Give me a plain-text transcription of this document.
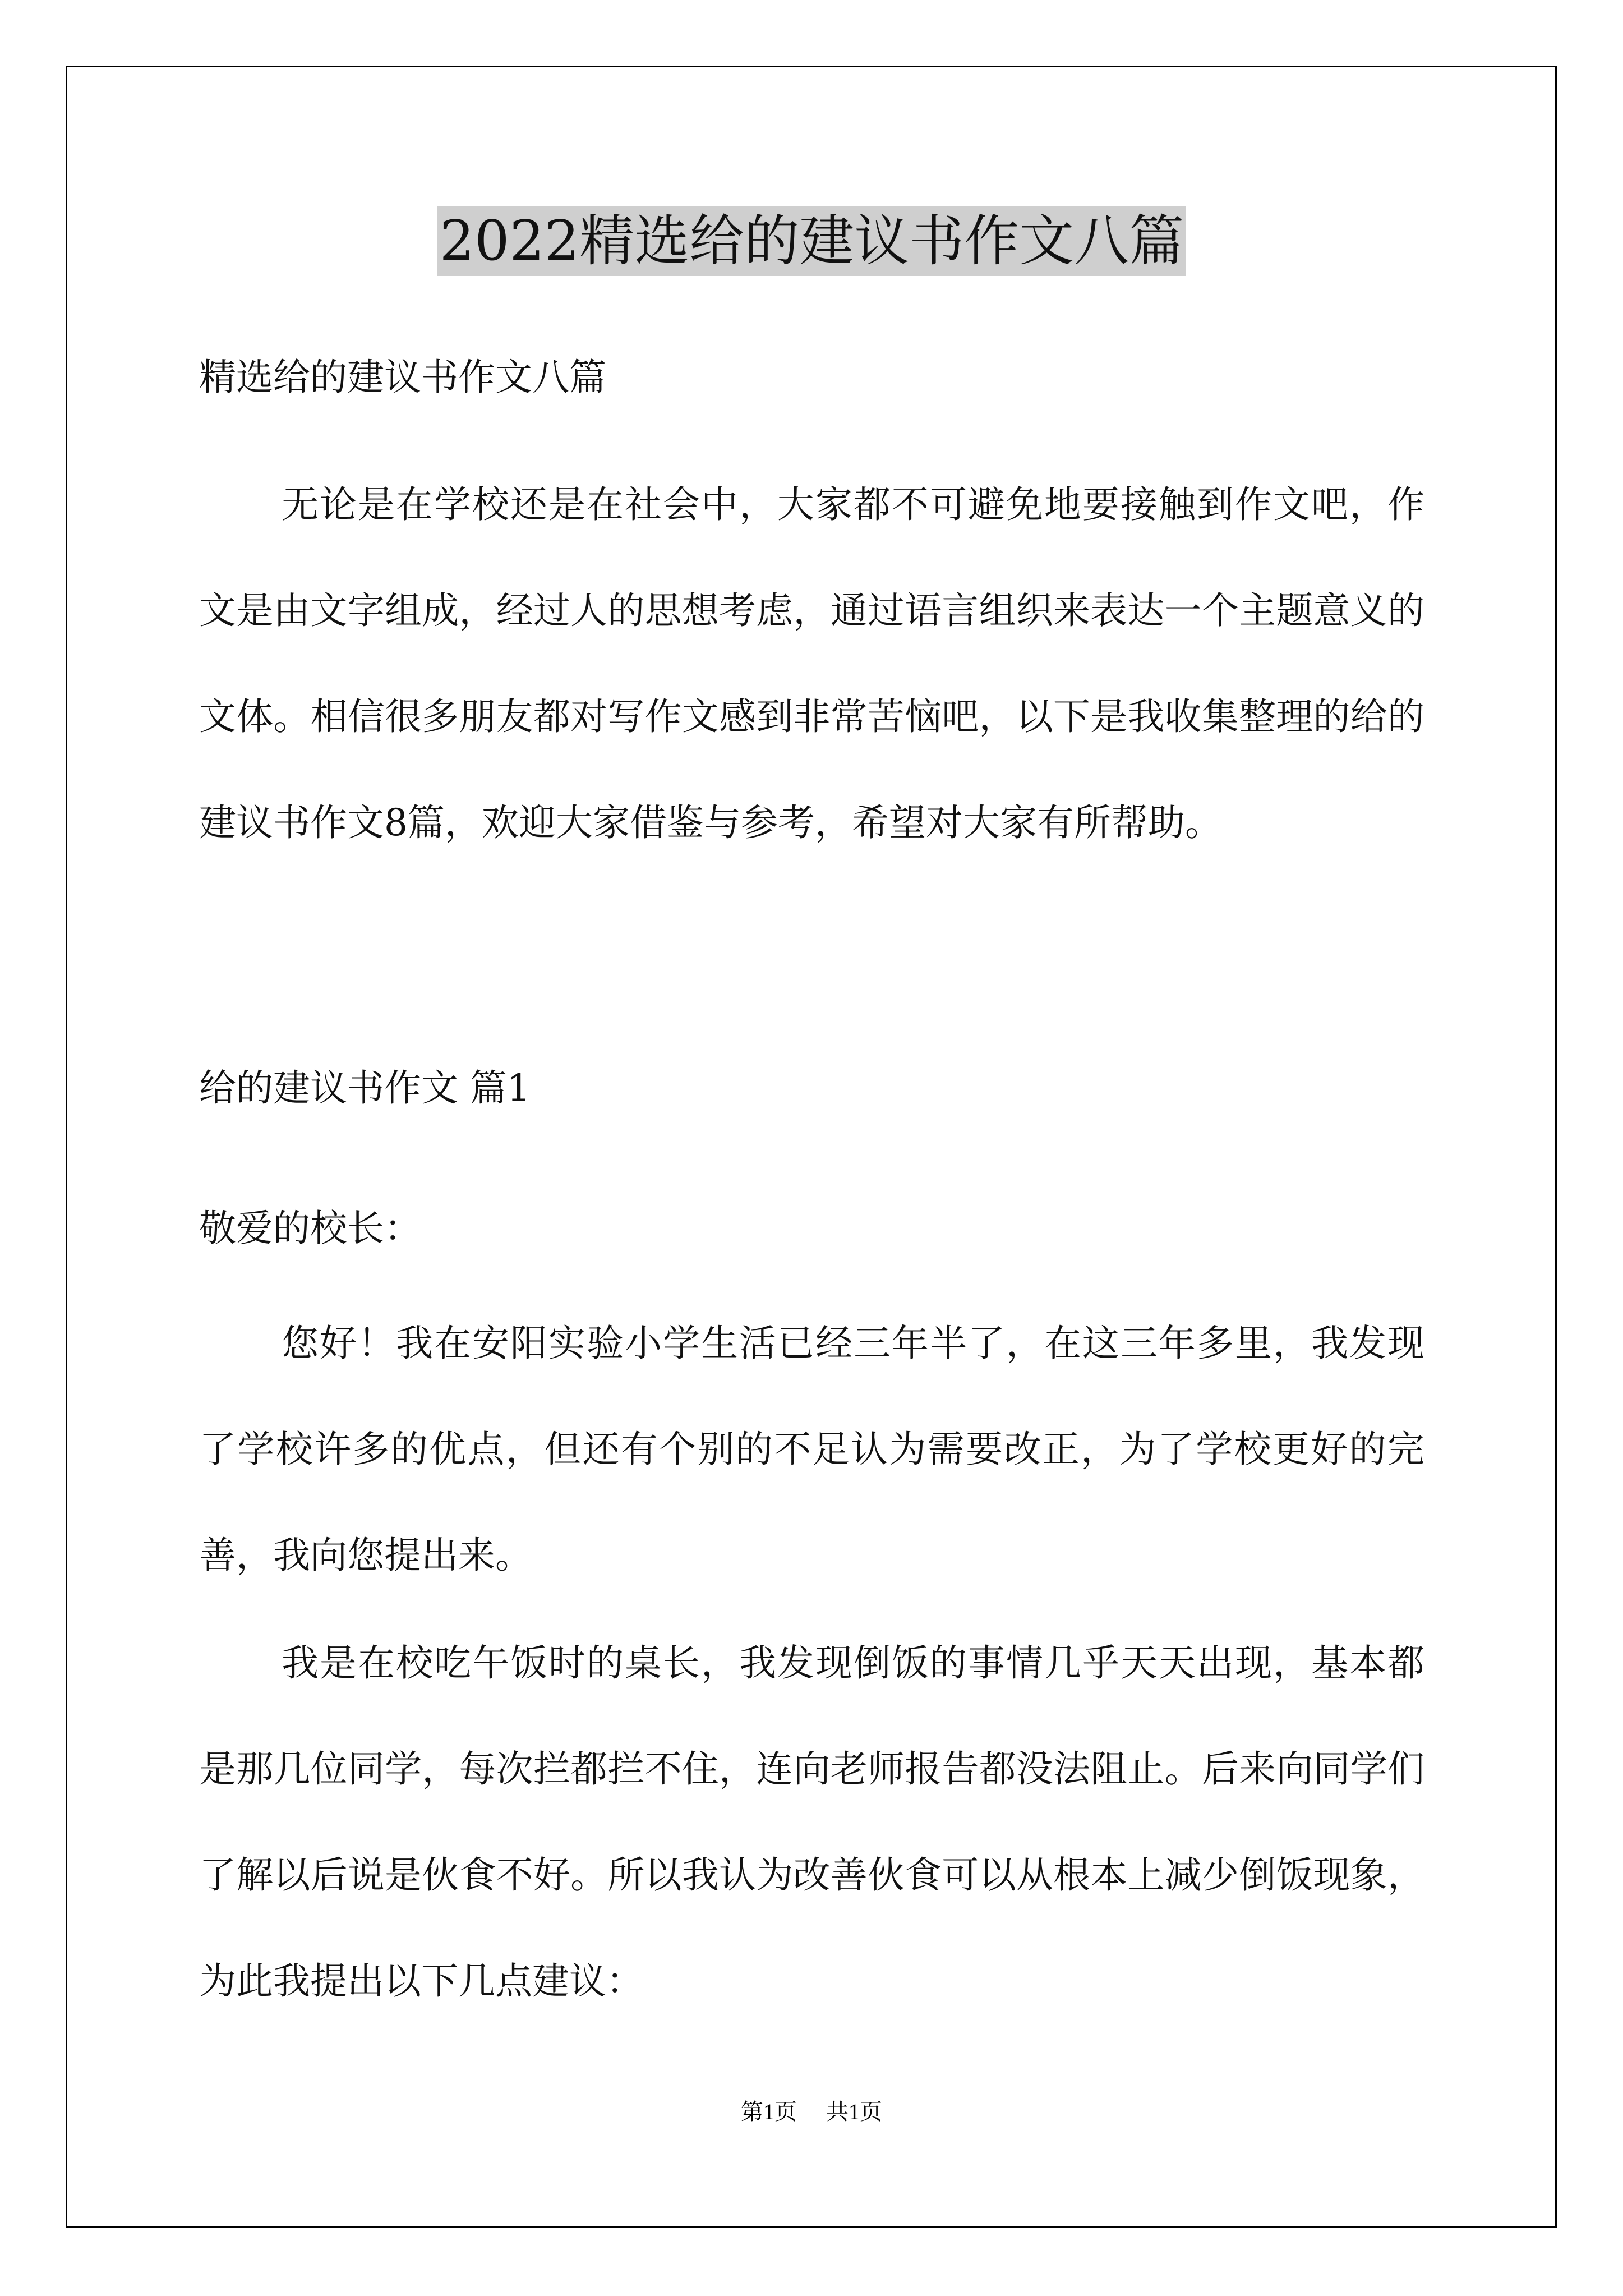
2022精选给的建议书作文八篇
精选给的建议书作文八篇

无论是在学校还是在社会中，大家都不可避免地要接触到作文吧，作文是由文字组成，经过人的思想考虑，通过语言组织来表达一个主题意义的文体。相信很多朋友都对写作文感到非常苦恼吧，以下是我收集整理的给的建议书作文8篇，欢迎大家借鉴与参考，希望对大家有所帮助。

给的建议书作文 篇1
敬爱的校长：

您好！我在安阳实验小学生活已经三年半了，在这三年多里，我发现了学校许多的优点，但还有个别的不足认为需要改正，为了学校更好的完善，我向您提出来。

我是在校吃午饭时的桌长，我发现倒饭的事情几乎天天出现，基本都是那几位同学，每次拦都拦不住，连向老师报告都没法阻止。后来向同学们了解以后说是伙食不好。所以我认为改善伙食可以从根本上减少倒饭现象，为此我提出以下几点建议：

第1页 共1页
